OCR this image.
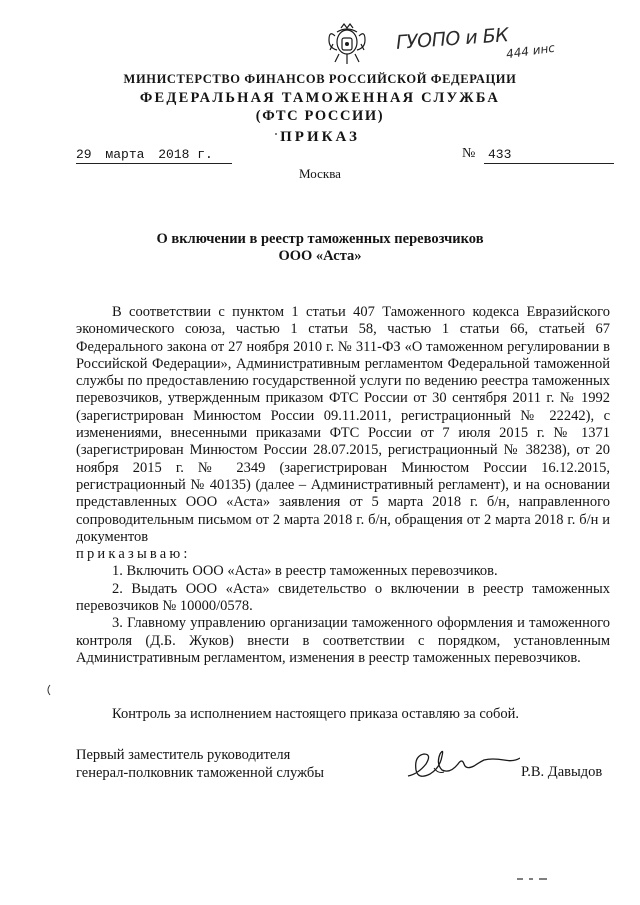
ГУОПО и БК
444 инс
МИНИСТЕРСТВО ФИНАНСОВ РОССИЙСКОЙ ФЕДЕРАЦИИ
ФЕДЕРАЛЬНАЯ ТАМОЖЕННАЯ СЛУЖБА
(ФТС РОССИИ)
ПРИКАЗ
29 марта 2018 г.	№ 433
Москва
О включении в реестр таможенных перевозчиков
ООО «Аста»

В соответствии с пунктом 1 статьи 407 Таможенного кодекса Евразийского экономического союза, частью 1 статьи 58, частью 1 статьи 66, статьей 67 Федерального закона от 27 ноября 2010 г. № 311-ФЗ «О таможенном регулировании в Российской Федерации», Административным регламентом Федеральной таможенной службы по предоставлению государственной услуги по ведению реестра таможенных перевозчиков, утвержденным приказом ФТС России от 30 сентября 2011 г. № 1992 (зарегистрирован Минюстом России 09.11.2011, регистрационный № 22242), с изменениями, внесенными приказами ФТС России от 7 июля 2015 г. № 1371 (зарегистрирован Минюстом России 28.07.2015, регистрационный № 38238), от 20 ноября 2015 г. № 2349 (зарегистрирован Минюстом России 16.12.2015, регистрационный № 40135) (далее – Административный регламент), и на основании представленных ООО «Аста» заявления от 5 марта 2018 г. б/н, направленного сопроводительным письмом от 2 марта 2018 г. б/н, обращения от 2 марта 2018 г. б/н и документов

приказываю:

1. Включить ООО «Аста» в реестр таможенных перевозчиков.

2. Выдать ООО «Аста» свидетельство о включении в реестр таможенных перевозчиков № 10000/0578.

3. Главному управлению организации таможенного оформления и таможенного контроля (Д.Б. Жуков) внести в соответствии с порядком, установленным Административным регламентом, изменения в реестр таможенных перевозчиков.

Контроль за исполнением настоящего приказа оставляю за собой.
Первый заместитель руководителя
генерал-полковник таможенной службы	Р.В. Давыдов
